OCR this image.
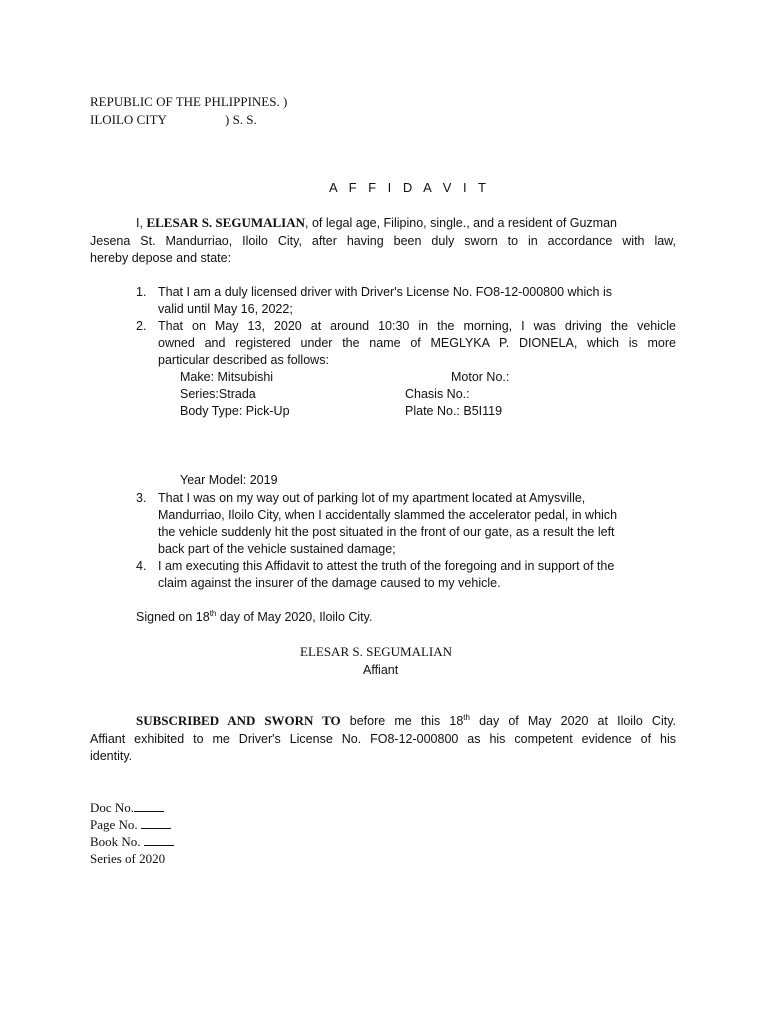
REPUBLIC OF THE PHLIPPINES. )
ILOILO CITY	) S. S.
A F F I D A V I T
I, ELESAR S. SEGUMALIAN, of legal age, Filipino, single., and a resident of Guzman
Jesena St. Mandurriao, Iloilo City, after having been duly sworn to in accordance with law,
hereby depose and state:
1. That I am a duly licensed driver with Driver's License No. FO8-12-000800 which is
valid until May 16, 2022;
2. That on May 13, 2020 at around 10:30 in the morning, I was driving the vehicle
owned and registered under the name of MEGLYKA P. DIONELA, which is more
particular described as follows:
Make: Mitsubishi	Motor No.:
Series:Strada	Chasis No.:
Body Type: Pick-Up	Plate No.: B5I119
Year Model: 2019
3. That I was on my way out of parking lot of my apartment located at Amysville,
Mandurriao, Iloilo City, when I accidentally slammed the accelerator pedal, in which
the vehicle suddenly hit the post situated in the front of our gate, as a result the left
back part of the vehicle sustained damage;
4. I am executing this Affidavit to attest the truth of the foregoing and in support of the
claim against the insurer of the damage caused to my vehicle.
Signed on 18th day of May 2020, Iloilo City.
ELESAR S. SEGUMALIAN
Affiant
SUBSCRIBED AND SWORN TO before me this 18th day of May 2020 at Iloilo City.
Affiant exhibited to me Driver's License No. FO8-12-000800 as his competent evidence of his
identity.
Doc No.
Page No.
Book No.
Series of 2020
